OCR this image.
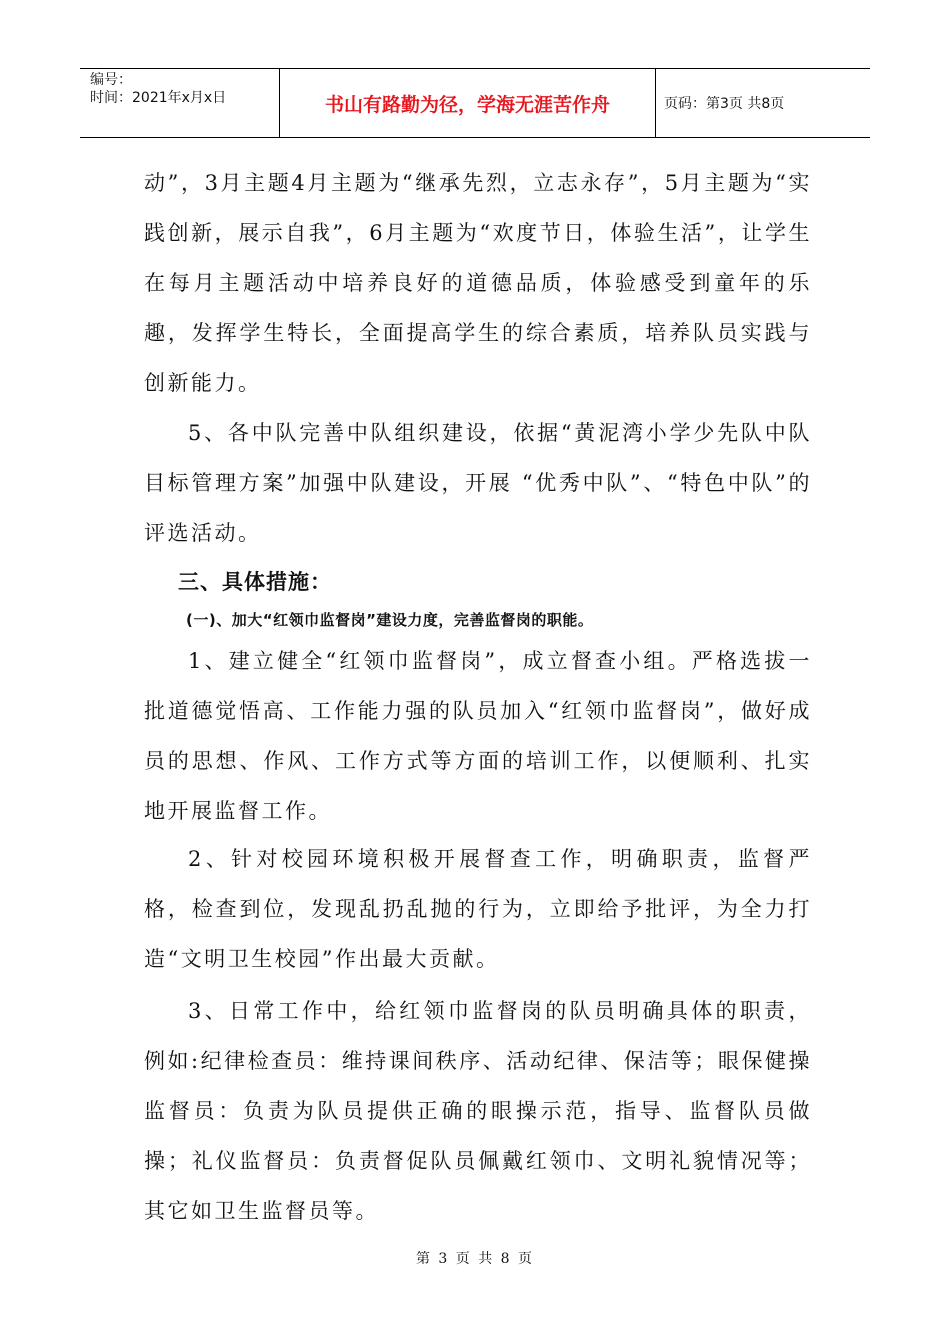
编号：
时间：2021年x月x日	书山有路勤为径，学海无涯苦作舟	页码：第3页 共8页

动”，3月主题4月主题为“继承先烈，立志永存”，5月主题为“实践创新，展示自我”，6月主题为“欢度节日，体验生活”，让学生在每月主题活动中培养良好的道德品质，体验感受到童年的乐趣，发挥学生特长，全面提高学生的综合素质，培养队员实践与创新能力。

5、各中队完善中队组织建设，依据“黄泥湾小学少先队中队目标管理方案”加强中队建设，开展 “优秀中队”、“特色中队”的评选活动。

三、具体措施：
(一)、加大“红领巾监督岗”建设力度，完善监督岗的职能。

1、建立健全“红领巾监督岗”，成立督查小组。严格选拔一批道德觉悟高、工作能力强的队员加入“红领巾监督岗”，做好成员的思想、作风、工作方式等方面的培训工作，以便顺利、扎实地开展监督工作。

2、针对校园环境积极开展督查工作，明确职责，监督严格，检查到位，发现乱扔乱抛的行为，立即给予批评，为全力打造“文明卫生校园”作出最大贡献。

3、日常工作中，给红领巾监督岗的队员明确具体的职责，例如:纪律检查员：维持课间秩序、活动纪律、保洁等；眼保健操监督员：负责为队员提供正确的眼操示范，指导、监督队员做操；礼仪监督员：负责督促队员佩戴红领巾、文明礼貌情况等；其它如卫生监督员等。

第 3 页 共 8 页
